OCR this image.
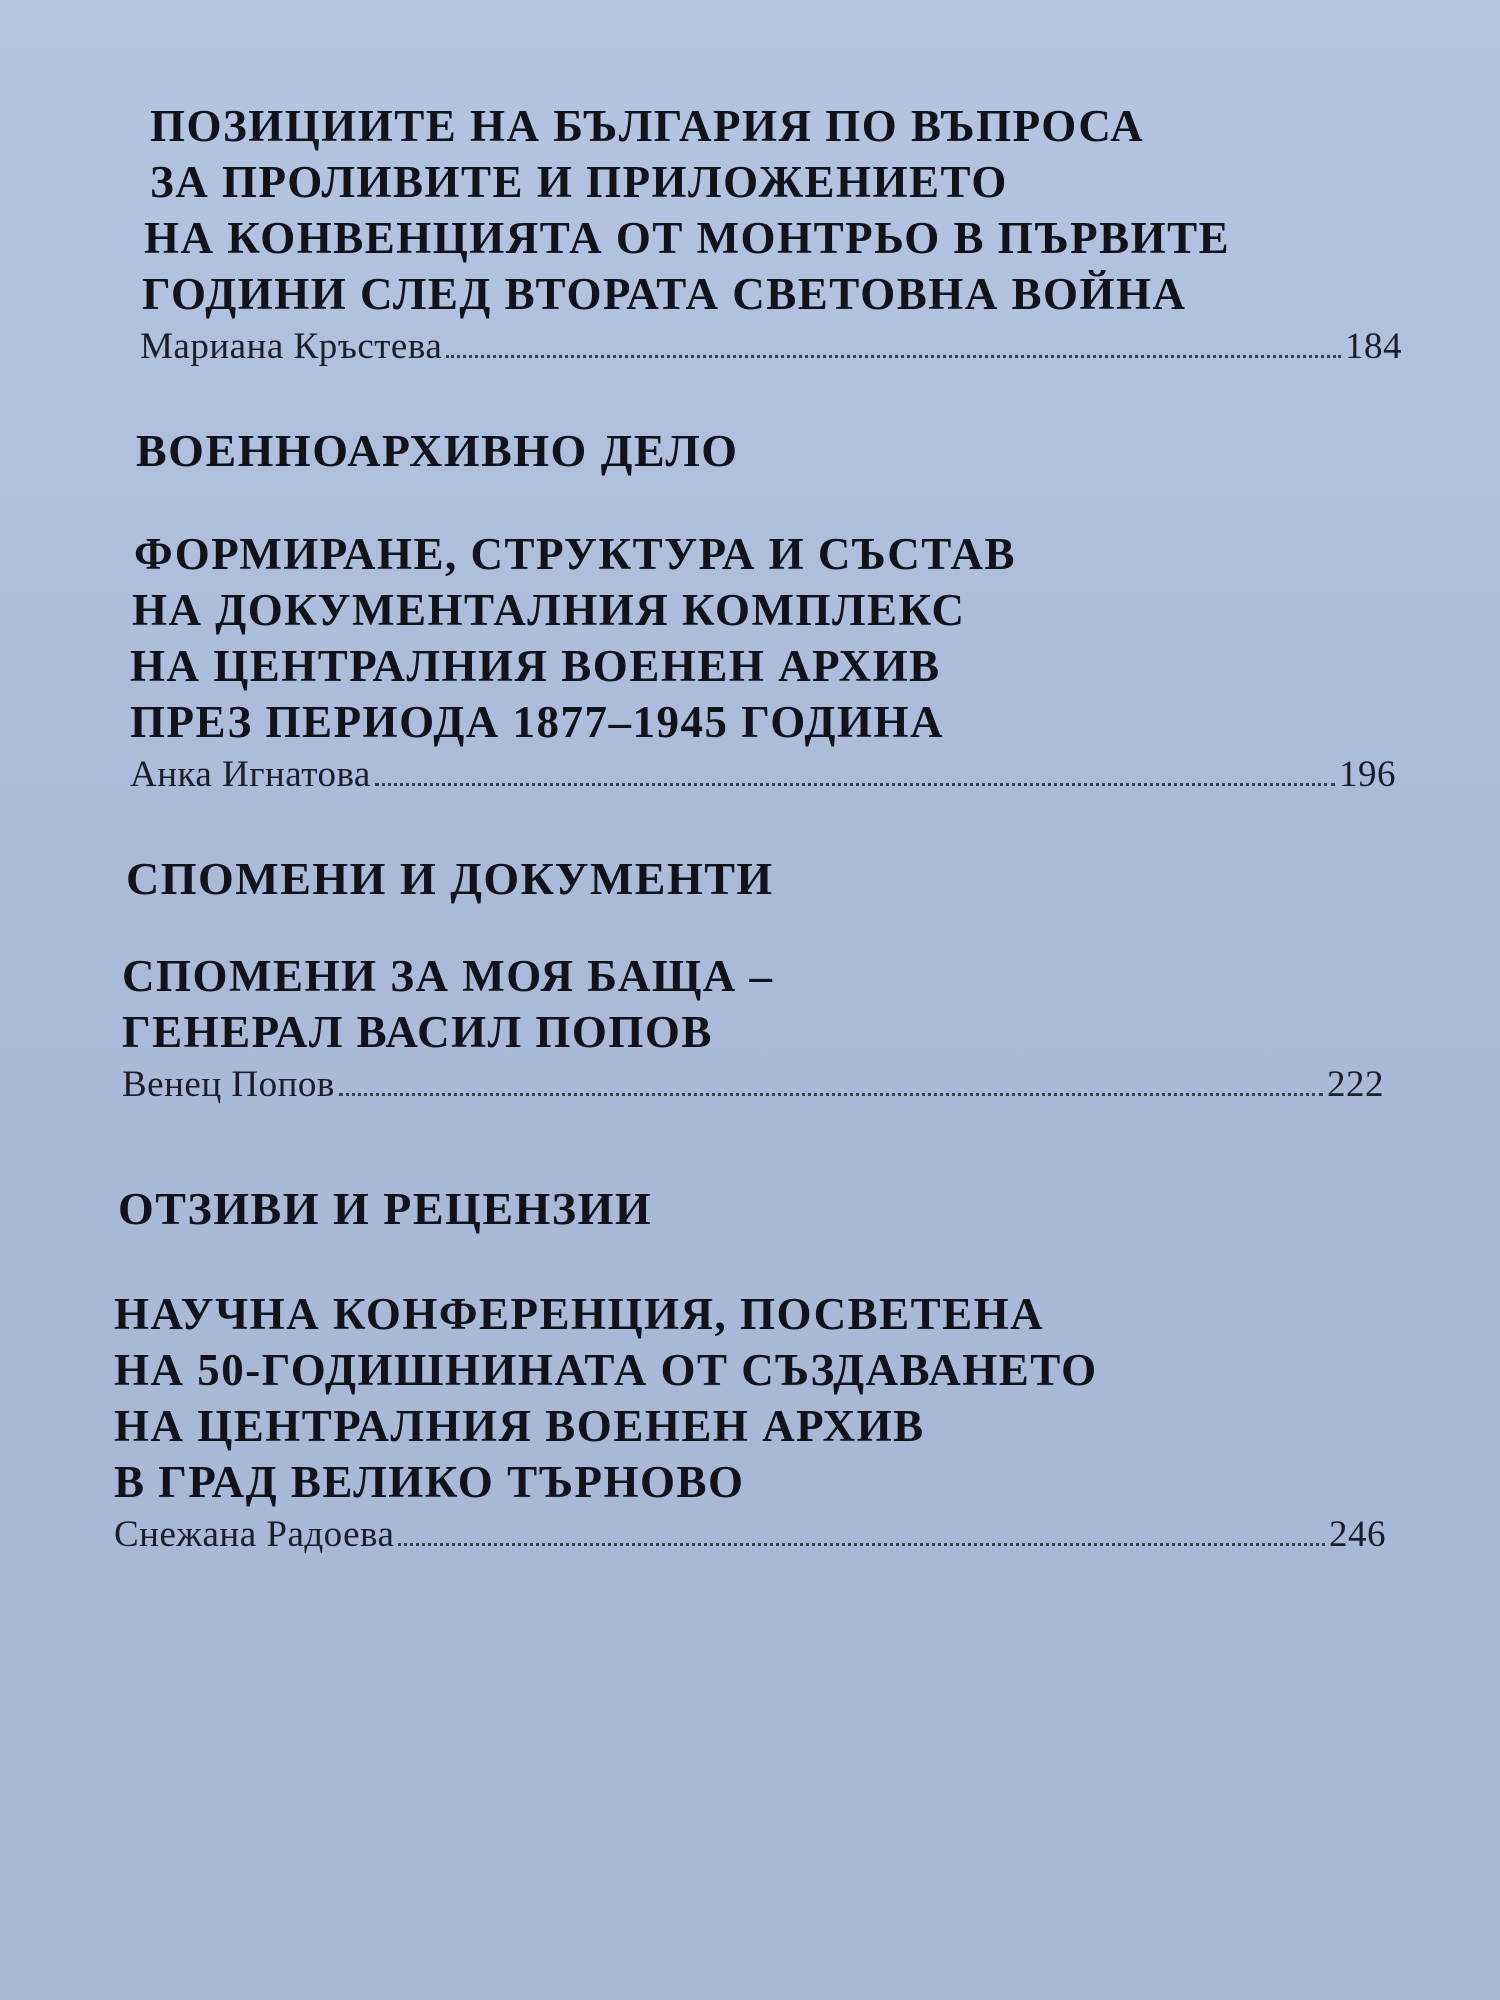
ПОЗИЦИИТЕ НА БЪЛГАРИЯ ПО ВЪПРОСА
ЗА ПРОЛИВИТЕ И ПРИЛОЖЕНИЕТО
НА КОНВЕНЦИЯТА ОТ МОНТРЬО В ПЪРВИТЕ
ГОДИНИ СЛЕД ВТОРАТА СВЕТОВНА ВОЙНА
Мариана Кръстева	184
ВОЕННОАРХИВНО ДЕЛО
ФОРМИРАНЕ, СТРУКТУРА И СЪСТАВ
НА ДОКУМЕНТАЛНИЯ КОМПЛЕКС
НА ЦЕНТРАЛНИЯ ВОЕНЕН АРХИВ
ПРЕЗ ПЕРИОДА 1877–1945 ГОДИНА
Анка Игнатова	196
СПОМЕНИ И ДОКУМЕНТИ
СПОМЕНИ ЗА МОЯ БАЩА –
ГЕНЕРАЛ ВАСИЛ ПОПОВ
Венец Попов	222
ОТЗИВИ И РЕЦЕНЗИИ
НАУЧНА КОНФЕРЕНЦИЯ, ПОСВЕТЕНА
НА 50-ГОДИШНИНАТА ОТ СЪЗДАВАНЕТО
НА ЦЕНТРАЛНИЯ ВОЕНЕН АРХИВ
В ГРАД ВЕЛИКО ТЪРНОВО
Снежана Радоева	246
